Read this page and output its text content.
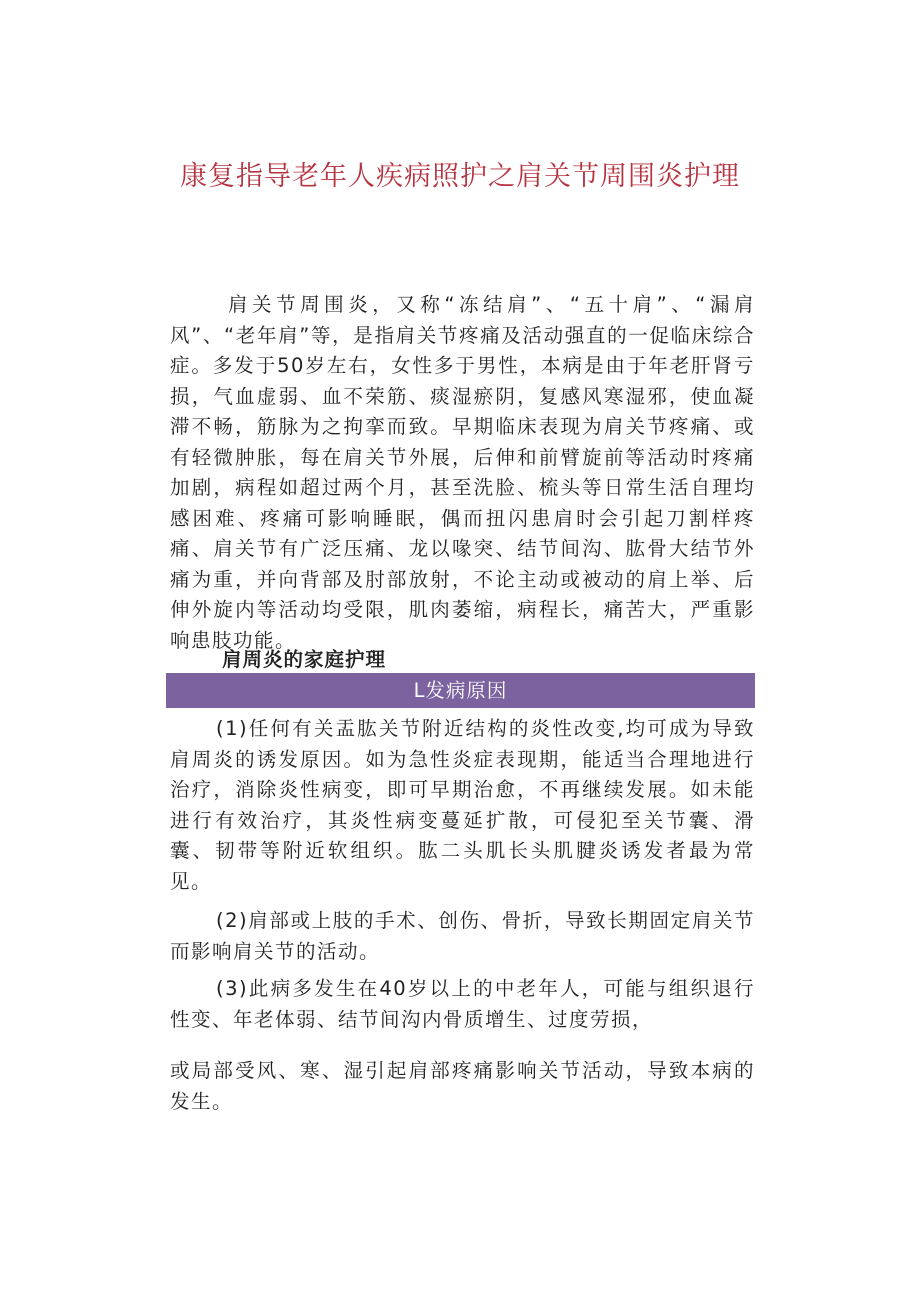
康复指导老年人疾病照护之肩关节周围炎护理

肩关节周围炎，又称“冻结肩”、“五十肩”、“漏肩风”、“老年肩”等，是指肩关节疼痛及活动强直的一促临床综合症。多发于50岁左右，女性多于男性，本病是由于年老肝肾亏损，气血虚弱、血不荣筋、痰湿瘀阴，复感风寒湿邪，使血凝滞不畅，筋脉为之拘挛而致。早期临床表现为肩关节疼痛、或有轻微肿胀，每在肩关节外展，后伸和前臂旋前等活动时疼痛加剧，病程如超过两个月，甚至洗脸、梳头等日常生活自理均感困难、疼痛可影响睡眠，偶而扭闪患肩时会引起刀割样疼痛、肩关节有广泛压痛、龙以喙突、结节间沟、肱骨大结节外痛为重，并向背部及肘部放射，不论主动或被动的肩上举、后伸外旋内等活动均受限，肌肉萎缩，病程长，痛苦大，严重影响患肢功能。

肩周炎的家庭护理

L发病原因

(1)任何有关盂肱关节附近结构的炎性改变,均可成为导致肩周炎的诱发原因。如为急性炎症表现期，能适当合理地进行治疗，消除炎性病变，即可早期治愈，不再继续发展。如未能进行有效治疗，其炎性病变蔓延扩散，可侵犯至关节囊、滑囊、韧带等附近软组织。肱二头肌长头肌腱炎诱发者最为常见。

(2)肩部或上肢的手术、创伤、骨折，导致长期固定肩关节而影响肩关节的活动。

(3)此病多发生在40岁以上的中老年人，可能与组织退行性变、年老体弱、结节间沟内骨质增生、过度劳损，

或局部受风、寒、湿引起肩部疼痛影响关节活动，导致本病的发生。
